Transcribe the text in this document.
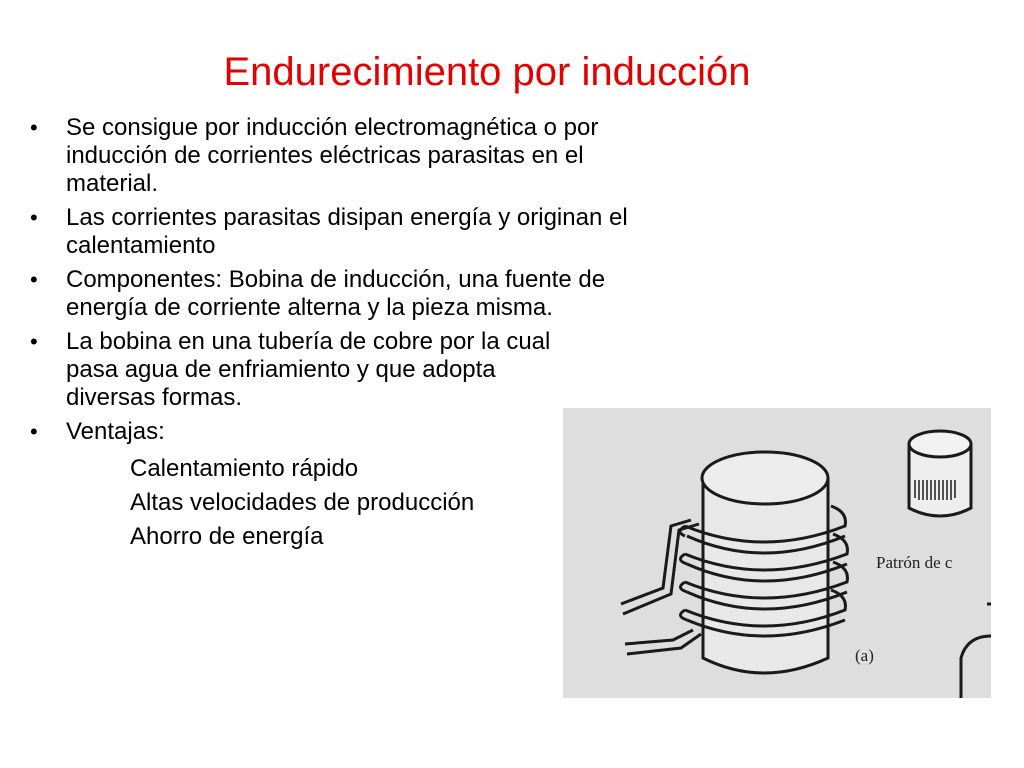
Endurecimiento por inducción
•	Se consigue por inducción electromagnética o por inducción de corrientes eléctricas parasitas en el material.
•	Las corrientes parasitas disipan energía y originan el calentamiento
•	Componentes: Bobina de inducción, una fuente de energía de corriente alterna y la pieza misma.
•	La bobina en una tubería de cobre por la cual pasa agua de enfriamiento y que adopta diversas formas.
•	Ventajas:
Calentamiento rápido
Altas velocidades de producción
Ahorro de energía
Patrón de c
(a)
